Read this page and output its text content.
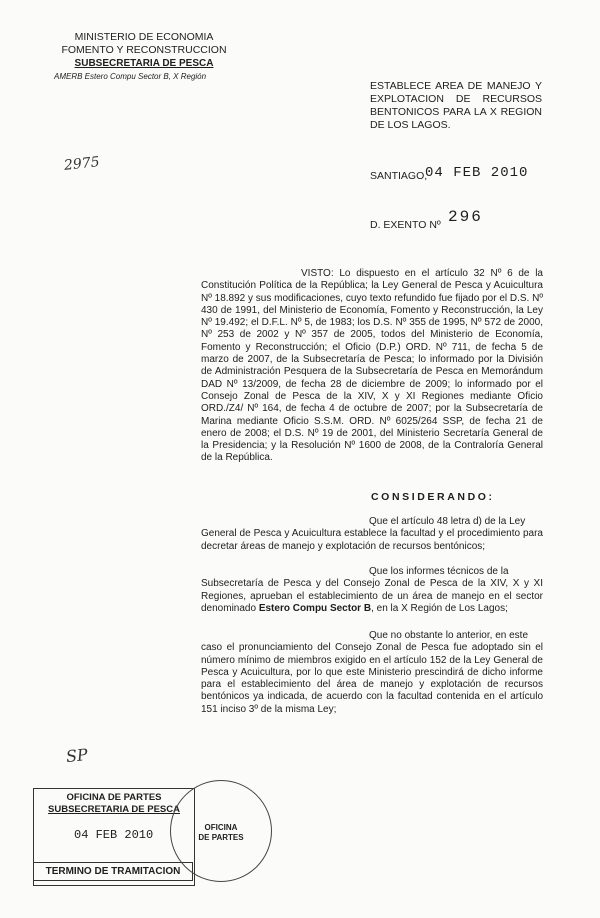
MINISTERIO DE ECONOMIA
FOMENTO Y RECONSTRUCCION
SUBSECRETARIA DE PESCA
AMERB Estero Compu Sector B, X Región
2975
ESTABLECE AREA DE MANEJO Y EXPLOTACION DE RECURSOS BENTONICOS PARA LA X REGION DE LOS LAGOS.
SANTIAGO,
04 FEB 2010
D. EXENTO Nº 296
VISTO: Lo dispuesto en el artículo 32 Nº 6 de la Constitución Política de la República; la Ley General de Pesca y Acuicultura Nº 18.892 y sus modificaciones, cuyo texto refundido fue fijado por el D.S. Nº 430 de 1991, del Ministerio de Economía, Fomento y Reconstrucción, la Ley Nº 19.492; el D.F.L. Nº 5, de 1983; los D.S. Nº 355 de 1995, Nº 572 de 2000, Nº 253 de 2002 y Nº 357 de 2005, todos del Ministerio de Economía, Fomento y Reconstrucción; el Oficio (D.P.) ORD. Nº 711, de fecha 5 de marzo de 2007, de la Subsecretaría de Pesca; lo informado por la División de Administración Pesquera de la Subsecretaría de Pesca en Memorándum DAD Nº 13/2009, de fecha 28 de diciembre de 2009; lo informado por el Consejo Zonal de Pesca de la XIV, X y XI Regiones mediante Oficio ORD./Z4/ Nº 164, de fecha 4 de octubre de 2007; por la Subsecretaría de Marina mediante Oficio S.S.M. ORD. Nº 6025/264 SSP, de fecha 21 de enero de 2008; el D.S. Nº 19 de 2001, del Ministerio Secretaría General de la Presidencia; y la Resolución Nº 1600 de 2008, de la Contraloría General de la República.
CONSIDERANDO:
Que el artículo 48 letra d) de la Ley
General de Pesca y Acuicultura establece la facultad y el procedimiento para decretar áreas de manejo y explotación de recursos bentónicos;
Que los informes técnicos de la
Subsecretaría de Pesca y del Consejo Zonal de Pesca de la XIV, X y XI Regiones, aprueban el establecimiento de un área de manejo en el sector denominado Estero Compu Sector B, en la X Región de Los Lagos;
Que no obstante lo anterior, en este
caso el pronunciamiento del Consejo Zonal de Pesca fue adoptado sin el número mínimo de miembros exigido en el artículo 152 de la Ley General de Pesca y Acuicultura, por lo que este Ministerio prescindirá de dicho informe para el establecimiento del área de manejo y explotación de recursos bentónicos ya indicada, de acuerdo con la facultad contenida en el artículo 151 inciso 3º de la misma Ley;
SP
OFICINA DE PARTES
SUBSECRETARIA DE PESCA
04 FEB 2010
TERMINO DE TRAMITACION
OFICINA
DE PARTES
